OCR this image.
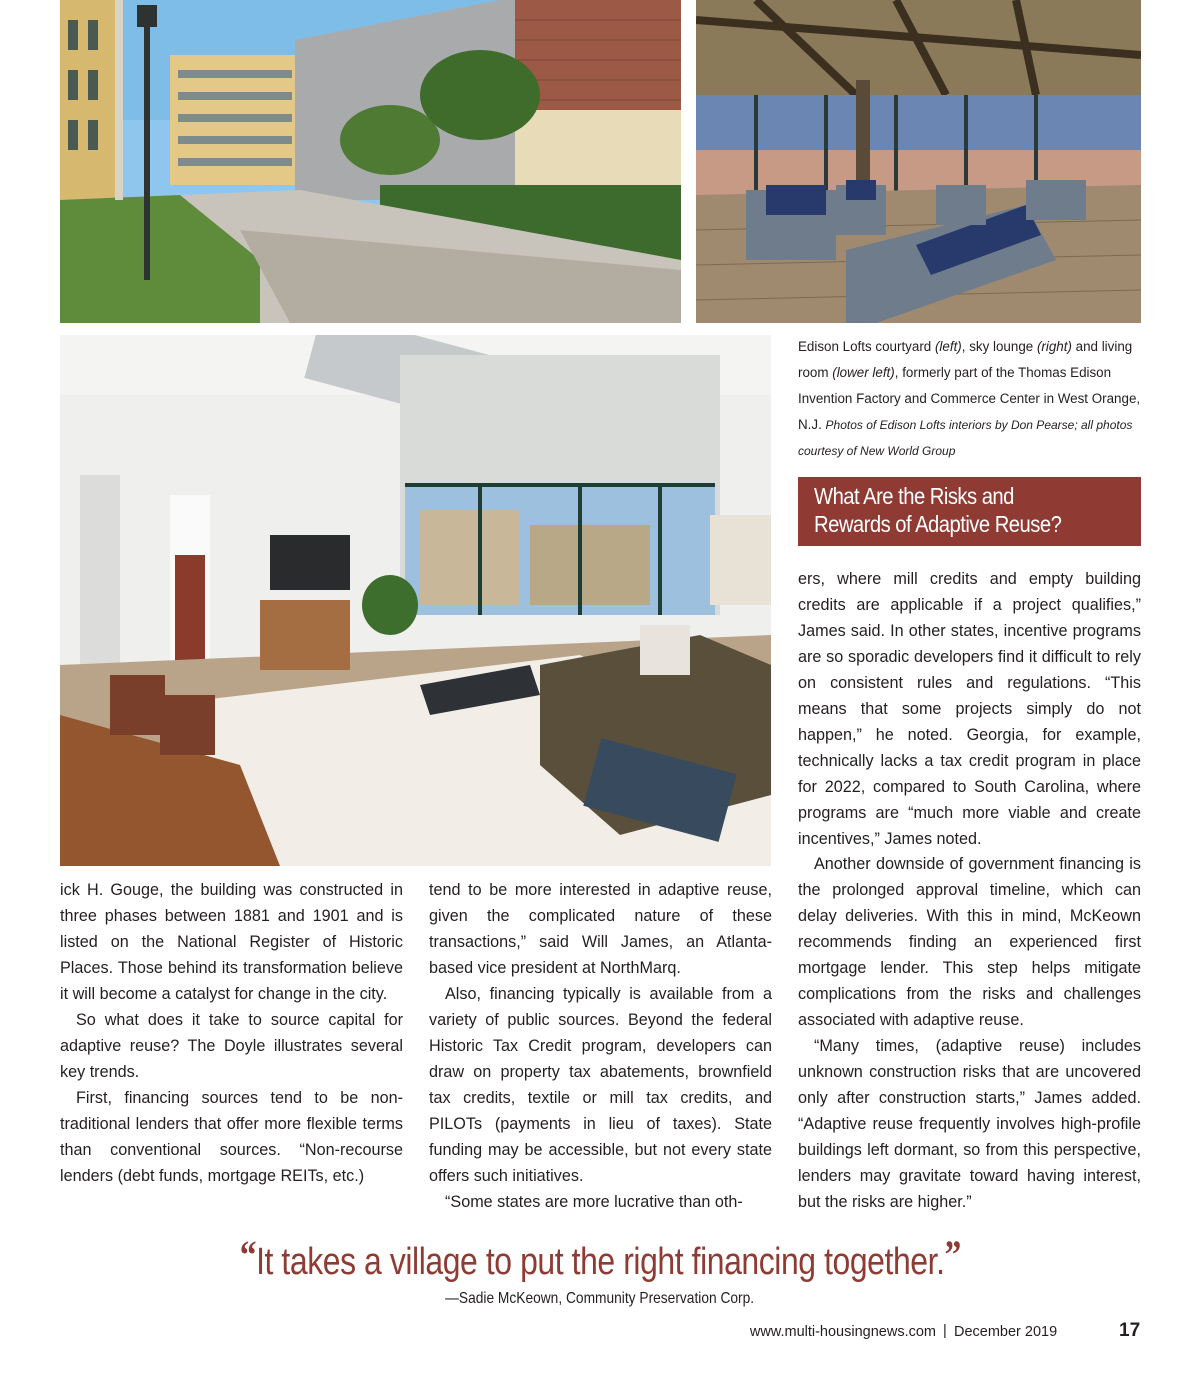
Edison Lofts courtyard (left), sky lounge (right) and living room (lower left), formerly part of the Thomas Edison Invention Factory and Commerce Center in West Orange, N.J. Photos of Edison Lofts interiors by Don Pearse; all photos courtesy of New World Group
What Are the Risks and
Rewards of Adaptive Reuse?

ick H. Gouge, the building was constructed in three phases between 1881 and 1901 and is listed on the National Register of Historic Places. Those behind its transformation believe it will become a catalyst for change in the city.

So what does it take to source capital for adaptive reuse? The Doyle illustrates several key trends.

First, financing sources tend to be non-traditional lenders that offer more flexible terms than conventional sources. “Non-recourse lenders (debt funds, mortgage REITs, etc.)

tend to be more interested in adaptive reuse, given the complicated nature of these transactions,” said Will James, an Atlanta-based vice president at NorthMarq.

Also, financing typically is available from a variety of public sources. Beyond the federal Historic Tax Credit program, developers can draw on property tax abatements, brownfield tax credits, textile or mill tax credits, and PILOTs (payments in lieu of taxes). State funding may be accessible, but not every state offers such initiatives.

“Some states are more lucrative than oth-

ers, where mill credits and empty building credits are applicable if a project qualifies,” James said. In other states, incentive programs are so sporadic developers find it difficult to rely on consistent rules and regulations. “This means that some projects simply do not happen,” he noted. Georgia, for example, technically lacks a tax credit program in place for 2022, compared to South Carolina, where programs are “much more viable and create incentives,” James noted.

Another downside of government financing is the prolonged approval timeline, which can delay deliveries. With this in mind, McKeown recommends finding an experienced first mortgage lender. This step helps mitigate complications from the risks and challenges associated with adaptive reuse.

“Many times, (adaptive reuse) includes unknown construction risks that are uncovered only after construction starts,” James added. “Adaptive reuse frequently involves high-profile buildings left dormant, so from this perspective, lenders may gravitate toward having interest, but the risks are higher.”

“It takes a village to put the right financing together.”
—Sadie McKeown, Community Preservation Corp.
www.multi-housingnews.com | December 2019	17
